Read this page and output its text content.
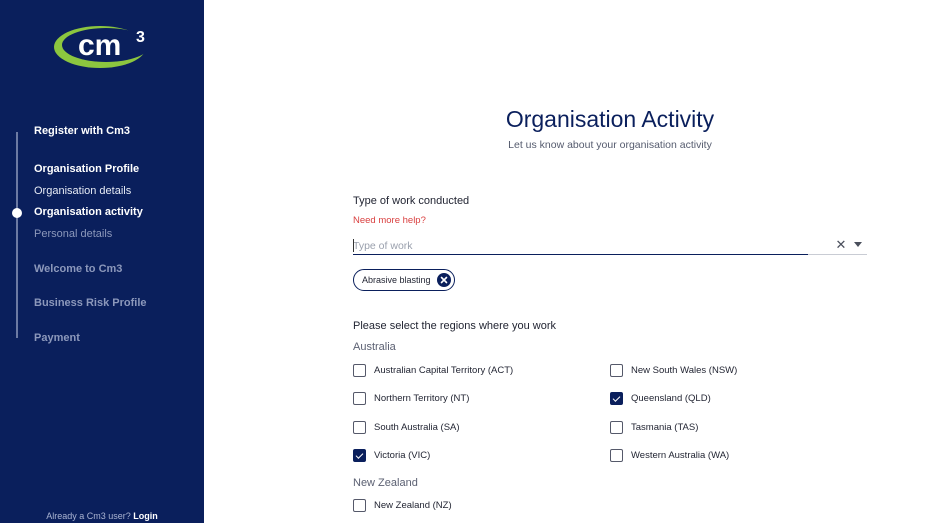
cm 3
Register with Cm3
Organisation Profile
Organisation details
Organisation activity
Personal details
Welcome to Cm3
Business Risk Profile
Payment
Already a Cm3 user? Login
Organisation Activity

Let us know about your organisation activity

Type of work conducted
Need more help?
Type of work
✕
Abrasive blasting
Please select the regions where you work
Australia
Australian Capital Territory (ACT)	New South Wales (NSW)
Northern Territory (NT)	Queensland (QLD)
South Australia (SA)	Tasmania (TAS)
Victoria (VIC)	Western Australia (WA)
New Zealand
New Zealand (NZ)
